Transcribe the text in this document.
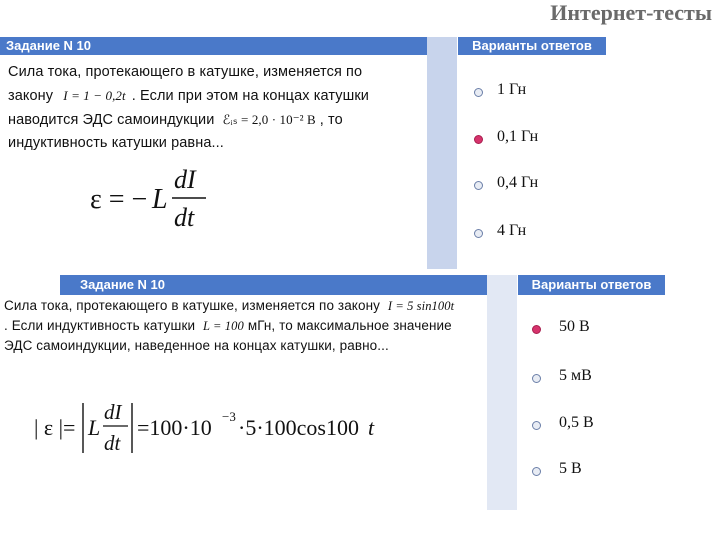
Интернет-тесты
Задание N 10	Варианты ответов
Сила тока, протекающего в катушке, изменяется по
закону I = 1 − 0,2t . Если при этом на концах катушки
наводится ЭДС самоиндукции ℰᵢₛ = 2,0 · 10⁻² В , то
индуктивность катушки равна...
ε = − L
dI
dt
1 Гн
0,1 Гн
0,4 Гн
4 Гн
Задание N 10	Варианты ответов
Сила тока, протекающего в катушке, изменяется по закону I = 5 sin100t
. Если индуктивность катушки L = 100 мГн, то максимальное значение
ЭДС самоиндукции, наведенное на концах катушки, равно...
| ε |= L
dI
dt
=100·10 −3 ·5·100cos100 t
50 В
5 мВ
0,5 В
5 В
